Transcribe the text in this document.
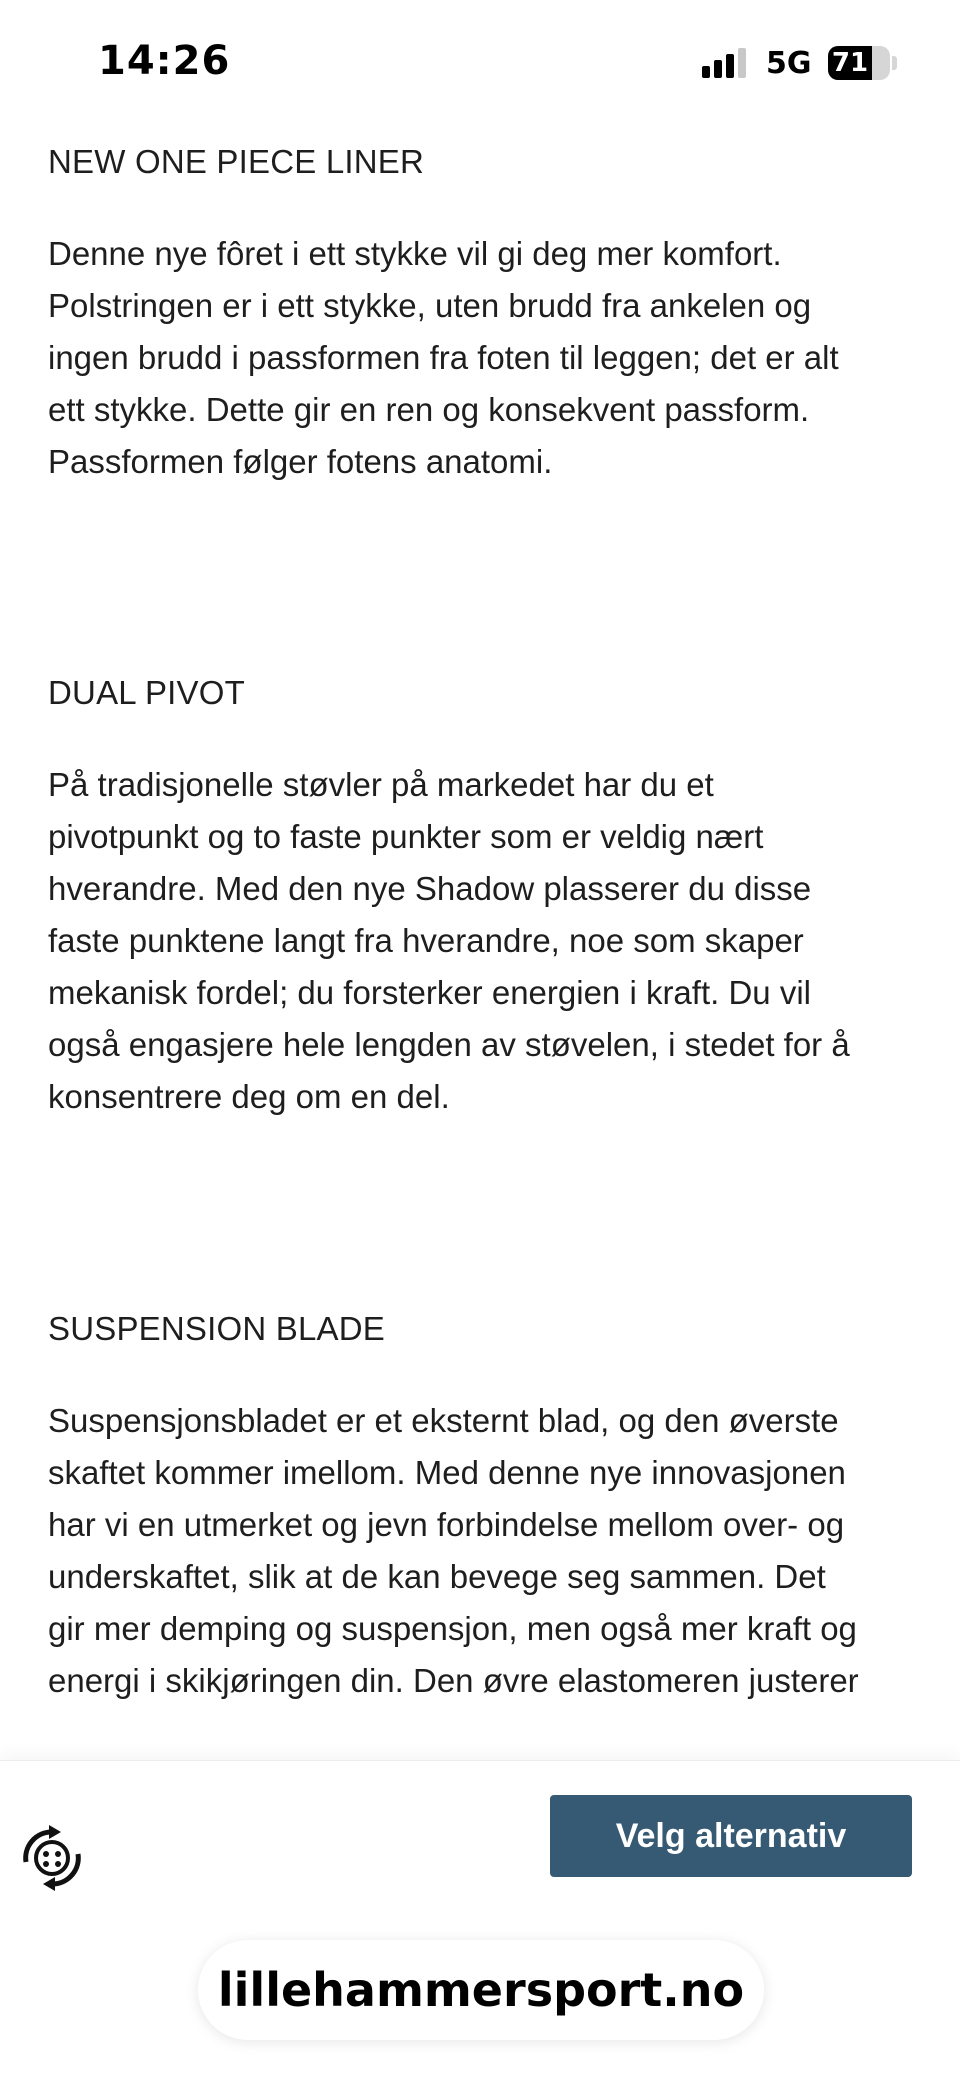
14:26	5G 71
NEW ONE PIECE LINER
Denne nye fôret i ett stykke vil gi deg mer komfort. Polstringen er i ett stykke, uten brudd fra ankelen og ingen brudd i passformen fra foten til leggen; det er alt ett stykke. Dette gir en ren og konsekvent passform. Passformen følger fotens anatomi.
DUAL PIVOT
På tradisjonelle støvler på markedet har du et pivotpunkt og to faste punkter som er veldig nært hverandre. Med den nye Shadow plasserer du disse faste punktene langt fra hverandre, noe som skaper mekanisk fordel; du forsterker energien i kraft. Du vil også engasjere hele lengden av støvelen, i stedet for å konsentrere deg om en del.
SUSPENSION BLADE
Suspensjonsbladet er et eksternt blad, og den øverste skaftet kommer imellom. Med denne nye innovasjonen har vi en utmerket og jevn forbindelse mellom over- og underskaftet, slik at de kan bevege seg sammen. Det gir mer demping og suspensjon, men også mer kraft og energi i skikjøringen din. Den øvre elastomeren justerer
Velg alternativ
lillehammersport.no
